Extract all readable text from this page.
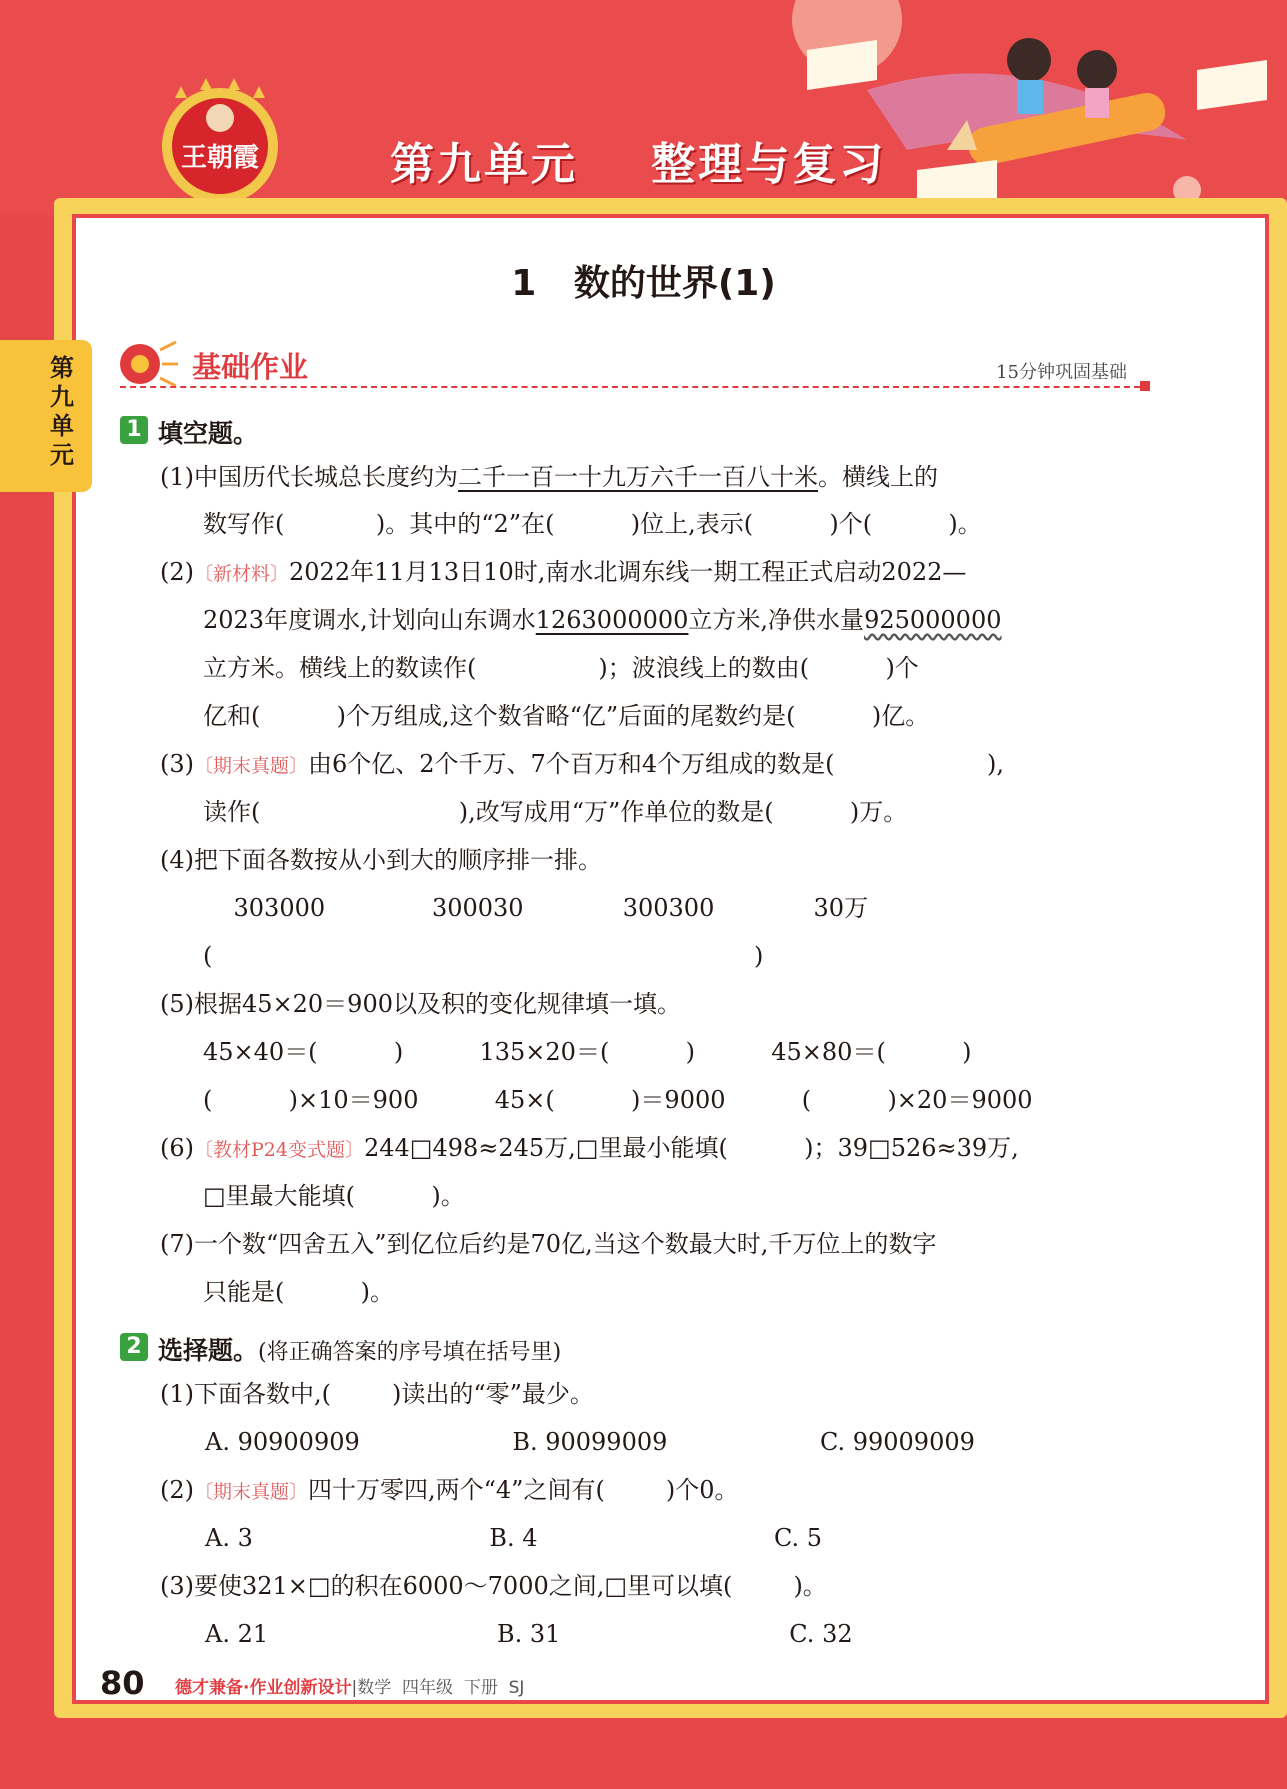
王朝霞	第九单元    整理与复习
第九单元
1   数的世界(1)
基础作业	15分钟巩固基础
1 填空题。
(1)中国历代长城总长度约为二千一百一十九万六千一百八十米。横线上的
数写作(            )。其中的“2”在(          )位上,表示(          )个(          )。
(2)〔新材料〕2022年11月13日10时,南水北调东线一期工程正式启动2022—
2023年度调水,计划向山东调水1263000000立方米,净供水量925000000
立方米。横线上的数读作(                )；波浪线上的数由(          )个
亿和(          )个万组成,这个数省略“亿”后面的尾数约是(          )亿。
(3)〔期末真题〕由6个亿、2个千万、7个百万和4个万组成的数是(                    ),
读作(                          ),改写成用“万”作单位的数是(          )万。
(4)把下面各数按从小到大的顺序排一排。
303000              300030             300300             30万
(                                                                       )
(5)根据45×20＝900以及积的变化规律填一填。
45×40＝(          )          135×20＝(          )          45×80＝(          )
(          )×10＝900          45×(          )＝9000          (          )×20＝9000
(6)〔教材P24变式题〕244□498≈245万,□里最小能填(          )；39□526≈39万,
□里最大能填(          )。
(7)一个数“四舍五入”到亿位后约是70亿,当这个数最大时,千万位上的数字
只能是(          )。
2 选择题。(将正确答案的序号填在括号里)
(1)下面各数中,(        )读出的“零”最少。
A. 90900909                    B. 90099009                    C. 99009009
(2)〔期末真题〕四十万零四,两个“4”之间有(        )个0。
A. 3                               B. 4                               C. 5
(3)要使321×□的积在6000～7000之间,□里可以填(        )。
A. 21                              B. 31                              C. 32
80 德才兼备·作业创新设计|数学  四年级  下册  SJ
